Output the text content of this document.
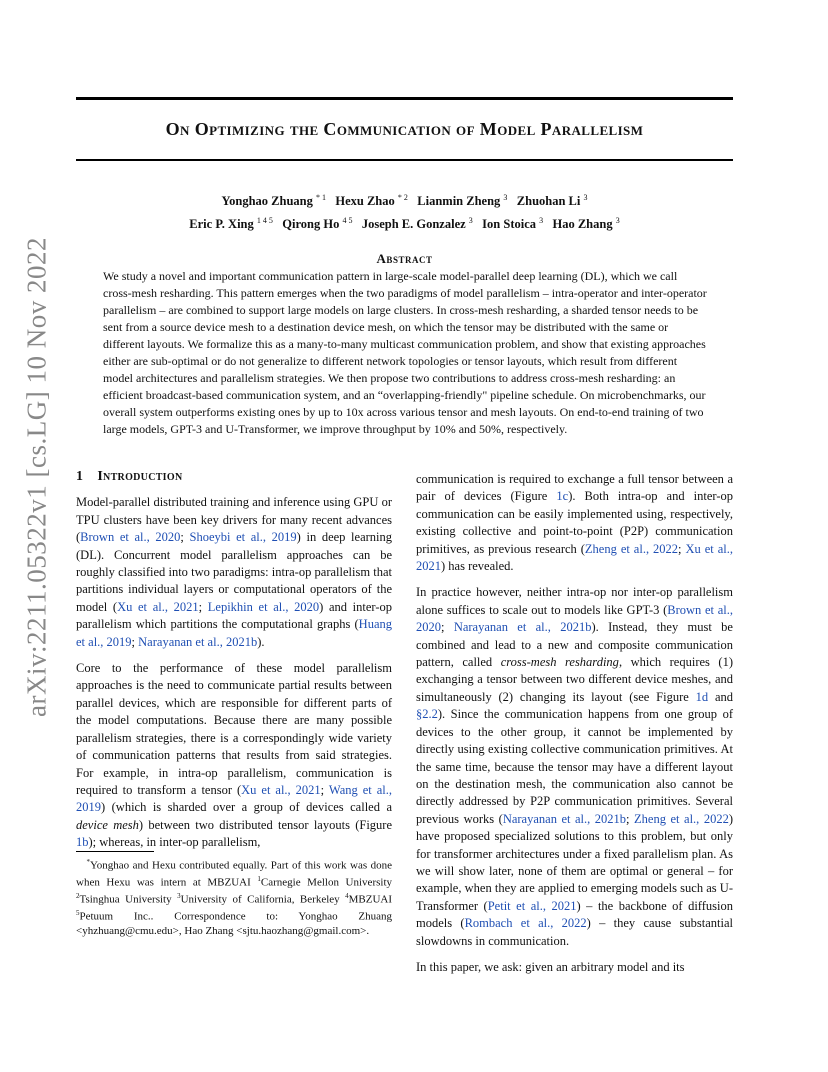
arXiv:2211.05322v1 [cs.LG] 10 Nov 2022
On Optimizing the Communication of Model Parallelism
Yonghao Zhuang $^{* 1}$ Hexu Zhao $^{* 2}$ Lianmin Zheng $^3$ Zhuohan Li $^3$
Eric P. Xing $^{1 4 5}$ Qirong Ho $^{4 5}$ Joseph E. Gonzalez $^3$ Ion Stoica $^3$ Hao Zhang $^3$
Abstract
We study a novel and important communication pattern in large-scale model-parallel deep learning (DL), which we call cross-mesh resharding. This pattern emerges when the two paradigms of model parallelism – intra-operator and inter-operator parallelism – are combined to support large models on large clusters. In cross-mesh resharding, a sharded tensor needs to be sent from a source device mesh to a destination device mesh, on which the tensor may be distributed with the same or different layouts. We formalize this as a many-to-many multicast communication problem, and show that existing approaches either are sub-optimal or do not generalize to different network topologies or tensor layouts, which result from different model architectures and parallelism strategies. We then propose two contributions to address cross-mesh resharding: an efficient broadcast-based communication system, and an “overlapping-friendly" pipeline schedule. On microbenchmarks, our overall system outperforms existing ones by up to 10x across various tensor and mesh layouts. On end-to-end training of two large models, GPT-3 and U-Transformer, we improve throughput by 10% and 50%, respectively.
1 Introduction

Model-parallel distributed training and inference using GPU or TPU clusters have been key drivers for many recent advances (Brown et al., 2020; Shoeybi et al., 2019) in deep learning (DL). Concurrent model parallelism approaches can be roughly classified into two paradigms: intra-op parallelism that partitions individual layers or computational operators of the model (Xu et al., 2021; Lepikhin et al., 2020) and inter-op parallelism which partitions the computational graphs (Huang et al., 2019; Narayanan et al., 2021b).

Core to the performance of these model parallelism approaches is the need to communicate partial results between parallel devices, which are responsible for different parts of the model computations. Because there are many possible parallelism strategies, there is a correspondingly wide variety of communication patterns that results from said strategies. For example, in intra-op parallelism, communication is required to transform a tensor (Xu et al., 2021; Wang et al., 2019) (which is sharded over a group of devices called a device mesh) between two distributed tensor layouts (Figure 1b); whereas, in inter-op parallelism,

*Yonghao and Hexu contributed equally. Part of this work was done when Hexu was intern at MBZUAI $^1$Carnegie Mellon University $^2$Tsinghua University $^3$University of California, Berkeley $^4$MBZUAI $^5$Petuum Inc.. Correspondence to: Yonghao Zhuang <yhzhuang@cmu.edu>, Hao Zhang <sjtu.haozhang@gmail.com>.

communication is required to exchange a full tensor between a pair of devices (Figure 1c). Both intra-op and inter-op communication can be easily implemented using, respectively, existing collective and point-to-point (P2P) communication primitives, as previous research (Zheng et al., 2022; Xu et al., 2021) has revealed.

In practice however, neither intra-op nor inter-op parallelism alone suffices to scale out to models like GPT-3 (Brown et al., 2020; Narayanan et al., 2021b). Instead, they must be combined and lead to a new and composite communication pattern, called cross-mesh resharding, which requires (1) exchanging a tensor between two different device meshes, and simultaneously (2) changing its layout (see Figure 1d and §2.2). Since the communication happens from one group of devices to the other group, it cannot be implemented by directly using existing collective communication primitives. At the same time, because the tensor may have a different layout on the destination mesh, the communication also cannot be directly addressed by P2P communication primitives. Several previous works (Narayanan et al., 2021b; Zheng et al., 2022) have proposed specialized solutions to this problem, but only for transformer architectures under a fixed parallelism plan. As we will show later, none of them are optimal or general – for example, when they are applied to emerging models such as U-Transformer (Petit et al., 2021) – the backbone of diffusion models (Rombach et al., 2022) – they cause substantial slowdowns in communication.

In this paper, we ask: given an arbitrary model and its
